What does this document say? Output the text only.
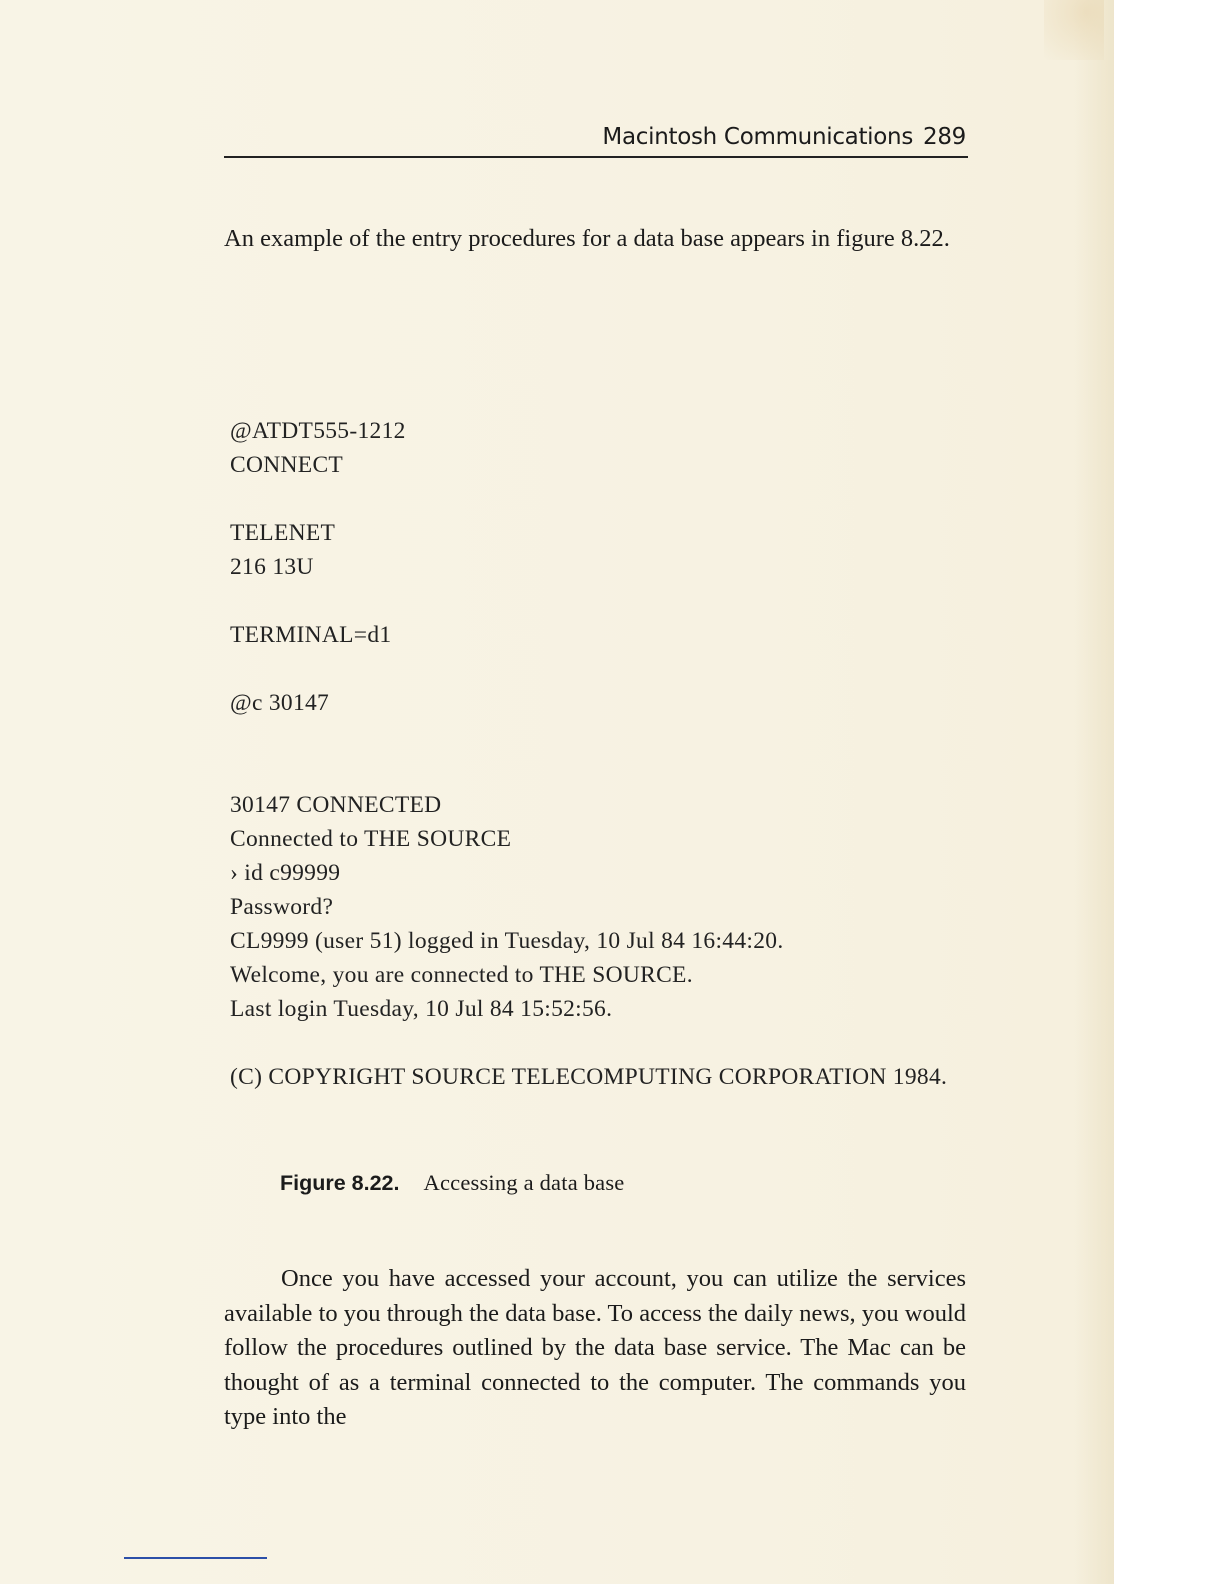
Macintosh Communications 289

An example of the entry procedures for a data base appears in figure 8.22.

@ATDT555-1212
CONNECT
TELENET
216 13U
TERMINAL=d1
@c 30147
30147 CONNECTED
Connected to THE SOURCE
› id c99999
Password?
CL9999 (user 51) logged in Tuesday, 10 Jul 84 16:44:20.
Welcome, you are connected to THE SOURCE.
Last login Tuesday, 10 Jul 84 15:52:56.
(C) COPYRIGHT SOURCE TELECOMPUTING CORPORATION 1984.
Figure 8.22. Accessing a data base

Once you have accessed your account, you can utilize the services available to you through the data base. To access the daily news, you would follow the procedures outlined by the data base service. The Mac can be thought of as a terminal connected to the computer. The commands you type into the
